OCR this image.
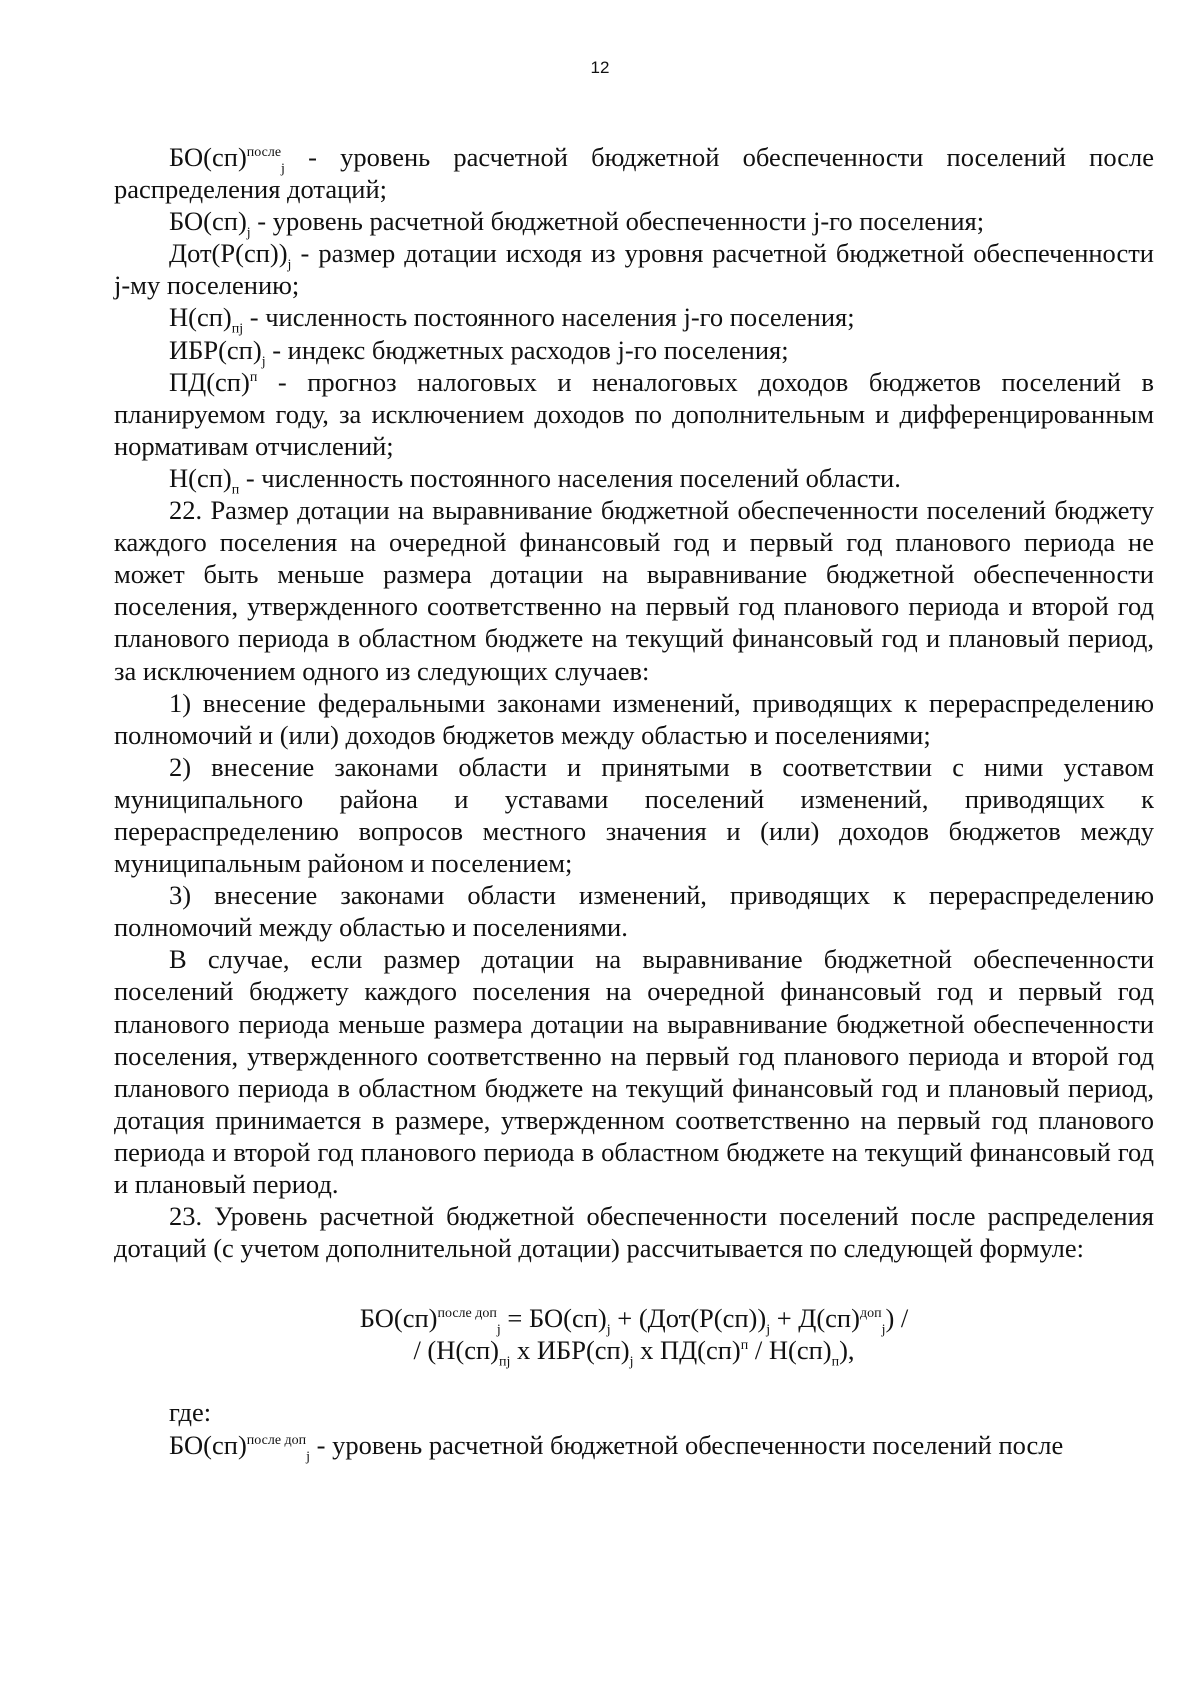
12

БО(сп)$^{после}_j$ - уровень расчетной бюджетной обеспеченности поселений после распределения дотаций;

$БО(сп)_j$ - уровень расчетной бюджетной обеспеченности j-го поселения;

$Дот(Р(сп))_j$ - размер дотации исходя из уровня расчетной бюджетной обеспеченности j-му поселению;

$Н(сп)_{пj}$ - численность постоянного населения j-го поселения;

$ИБР(сп)_j$ - индекс бюджетных расходов j-го поселения;

ПД(сп)$^п$ - прогноз налоговых и неналоговых доходов бюджетов поселений в планируемом году, за исключением доходов по дополнительным и дифференцированным нормативам отчислений;

$Н(сп)_п$ - численность постоянного населения поселений области.

22. Размер дотации на выравнивание бюджетной обеспеченности поселений бюджету каждого поселения на очередной финансовый год и первый год планового периода не может быть меньше размера дотации на выравнивание бюджетной обеспеченности поселения, утвержденного соответственно на первый год планового периода и второй год планового периода в областном бюджете на текущий финансовый год и плановый период, за исключением одного из следующих случаев:

1) внесение федеральными законами изменений, приводящих к перераспределению полномочий и (или) доходов бюджетов между областью и поселениями;

2) внесение законами области и принятыми в соответствии с ними уставом муниципального района и уставами поселений изменений, приводящих к перераспределению вопросов местного значения и (или) доходов бюджетов между муниципальным районом и поселением;

3) внесение законами области изменений, приводящих к перераспределению полномочий между областью и поселениями.

В случае, если размер дотации на выравнивание бюджетной обеспеченности поселений бюджету каждого поселения на очередной финансовый год и первый год планового периода меньше размера дотации на выравнивание бюджетной обеспеченности поселения, утвержденного соответственно на первый год планового периода и второй год планового периода в областном бюджете на текущий финансовый год и плановый период, дотация принимается в размере, утвержденном соответственно на первый год планового периода и второй год планового периода в областном бюджете на текущий финансовый год и плановый период.

23. Уровень расчетной бюджетной обеспеченности поселений после распределения дотаций (с учетом дополнительной дотации) рассчитывается по следующей формуле:

$БО(сп)^{после доп}_j = БО(сп)_j + (Дот(Р(сп))_j + Д(сп)^{доп}_j)$ /
/ ($Н(сп)_{пj}$ х $ИБР(сп)_j$ х $ПД(сп)^п / Н(сп)_п$),

где:

БО(сп)$^{после доп}_j$ - уровень расчетной бюджетной обеспеченности поселений после
